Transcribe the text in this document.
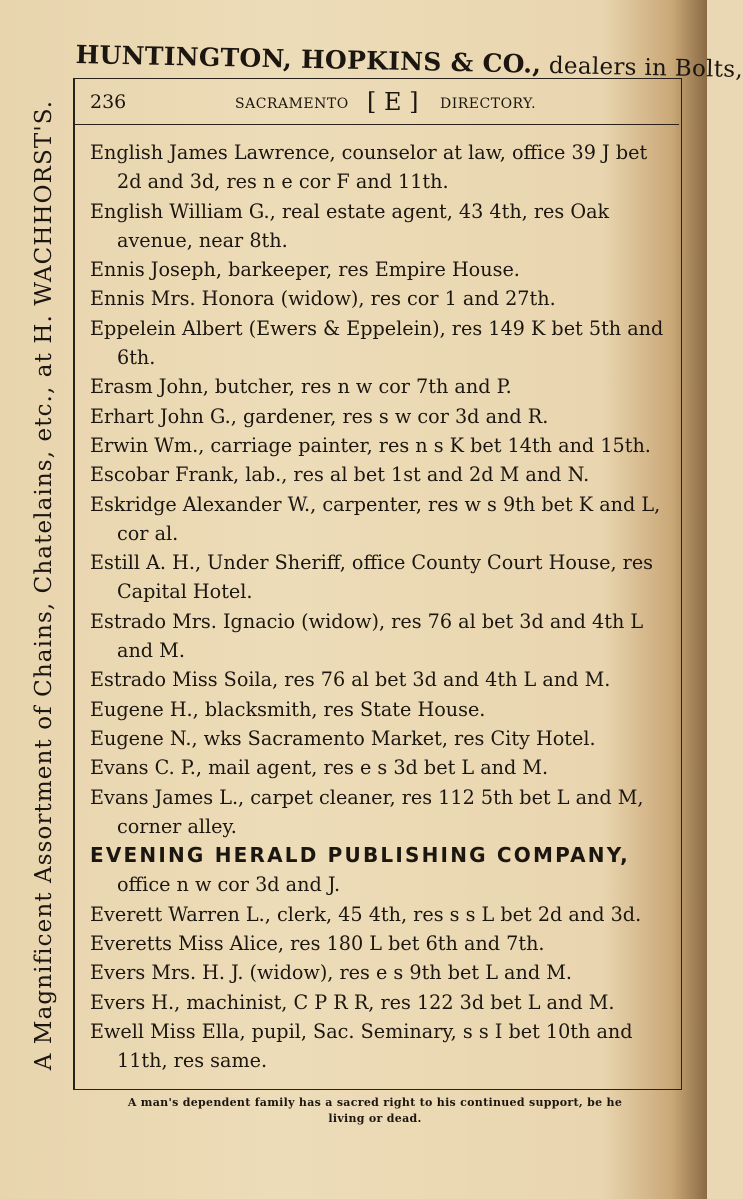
HUNTINGTON, HOPKINS & CO., dealers in Bolts,
A Magnificent Assortment of Chains, Chatelains, etc., at H. WACHHORST'S.	236	SACRAMENTO [ E ] DIRECTORY.
English James Lawrence, counselor at law, office 39 J bet 2d and 3d, res n e cor F and 11th.
English William G., real estate agent, 43 4th, res Oak avenue, near 8th.
Ennis Joseph, barkeeper, res Empire House.
Ennis Mrs. Honora (widow), res cor 1 and 27th.
Eppelein Albert (Ewers & Eppelein), res 149 K bet 5th and 6th.
Erasm John, butcher, res n w cor 7th and P.
Erhart John G., gardener, res s w cor 3d and R.
Erwin Wm., carriage painter, res n s K bet 14th and 15th.
Escobar Frank, lab., res al bet 1st and 2d M and N.
Eskridge Alexander W., carpenter, res w s 9th bet K and L, cor al.
Estill A. H., Under Sheriff, office County Court House, res Capital Hotel.
Estrado Mrs. Ignacio (widow), res 76 al bet 3d and 4th L and M.
Estrado Miss Soila, res 76 al bet 3d and 4th L and M.
Eugene H., blacksmith, res State House.
Eugene N., wks Sacramento Market, res City Hotel.
Evans C. P., mail agent, res e s 3d bet L and M.
Evans James L., carpet cleaner, res 112 5th bet L and M, corner alley.
EVENING HERALD PUBLISHING COMPANY, office n w cor 3d and J.
Everett Warren L., clerk, 45 4th, res s s L bet 2d and 3d.
Everetts Miss Alice, res 180 L bet 6th and 7th.
Evers Mrs. H. J. (widow), res e s 9th bet L and M.
Evers H., machinist, C P R R, res 122 3d bet L and M.
Ewell Miss Ella, pupil, Sac. Seminary, s s I bet 10th and 11th, res same.
A man's dependent family has a sacred right to his continued support, be he
living or dead.
